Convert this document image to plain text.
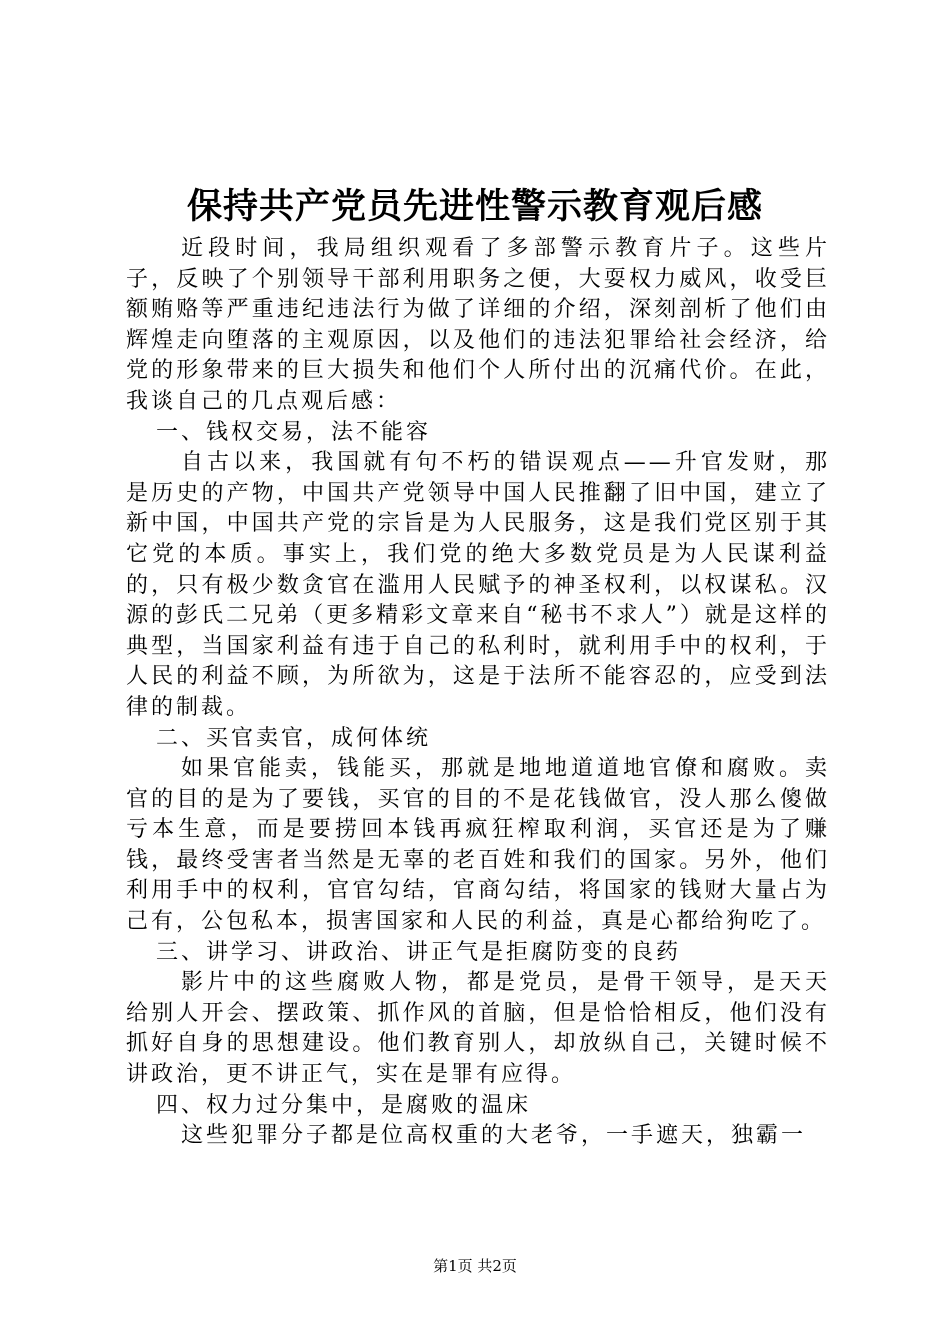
保持共产党员先进性警示教育观后感

近段时间，我局组织观看了多部警示教育片子。这些片子，反映了个别领导干部利用职务之便，大耍权力威风，收受巨额贿赂等严重违纪违法行为做了详细的介绍，深刻剖析了他们由辉煌走向堕落的主观原因，以及他们的违法犯罪给社会经济，给党的形象带来的巨大损失和他们个人所付出的沉痛代价。在此，我谈自己的几点观后感：

一、钱权交易，法不能容

自古以来，我国就有句不朽的错误观点——升官发财，那是历史的产物，中国共产党领导中国人民推翻了旧中国，建立了新中国，中国共产党的宗旨是为人民服务，这是我们党区别于其它党的本质。事实上，我们党的绝大多数党员是为人民谋利益的，只有极少数贪官在滥用人民赋予的神圣权利，以权谋私。汉源的彭氏二兄弟（更多精彩文章来自“秘书不求人”）就是这样的典型，当国家利益有违于自己的私利时，就利用手中的权利，于人民的利益不顾，为所欲为，这是于法所不能容忍的，应受到法律的制裁。

二、买官卖官，成何体统

如果官能卖，钱能买，那就是地地道道地官僚和腐败。卖官的目的是为了要钱，买官的目的不是花钱做官，没人那么傻做亏本生意，而是要捞回本钱再疯狂榨取利润，买官还是为了赚钱，最终受害者当然是无辜的老百姓和我们的国家。另外，他们利用手中的权利，官官勾结，官商勾结，将国家的钱财大量占为己有，公包私本，损害国家和人民的利益，真是心都给狗吃了。

三、讲学习、讲政治、讲正气是拒腐防变的良药

影片中的这些腐败人物，都是党员，是骨干领导，是天天给别人开会、摆政策、抓作风的首脑，但是恰恰相反，他们没有抓好自身的思想建设。他们教育别人，却放纵自己，关键时候不讲政治，更不讲正气，实在是罪有应得。

四、权力过分集中，是腐败的温床

这些犯罪分子都是位高权重的大老爷，一手遮天，独霸一

第1页 共2页
